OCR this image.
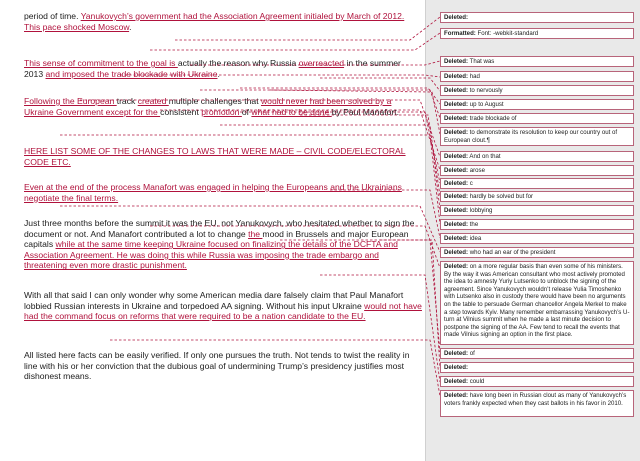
period of time. Yanukovych’s government had the Association Agreement initialed by March of 2012. This pace shocked Moscow.

This sense of commitment to the goal is actually the reason why Russia overreacted in the summer 2013 and imposed the trade blockade with Ukraine.

Following the European track created multiple challenges that would never had been solved by a Ukraine Government except for the consistent promotion of what had to be done by Paul Manafort.

HERE LIST SOME OF THE CHANGES TO LAWS THAT WERE MADE – CIVIL CODE/ELECTORAL CODE ETC.

Even at the end of the process Manafort was engaged in helping the Europeans and the Ukrainians negotiate the final terms.

Just three months before the summit it was the EU, not Yanukovych, who hesitated whether to sign the document or not. And Manafort contributed a lot to change the mood in Brussels and major European capitals while at the same time keeping Ukraine focused on finalizing the details of the DCFTA and Association Agreement. He was doing this while Russia was imposing the trade embargo and threatening even more drastic punishment.

With all that said I can only wonder why some American media dare falsely claim that Paul Manafort lobbied Russian interests in Ukraine and torpedoed AA signing. Without his input Ukraine would not have had the command focus on reforms that were required to be a nation candidate to the EU.

All listed here facts can be easily verified. If only one pursues the truth. Not tends to twist the reality in line with his or her conviction that the dubious goal of undermining Trump’s presidency justifies most dishonest means.

Deleted:
Formatted: Font: -webkit-standard
Deleted: That was
Deleted: had
Deleted: to nervously
Deleted: up to August
Deleted: trade blockade of
Deleted: to demonstrate its resolution to keep our country out of European clout.¶
Deleted: And on that
Deleted: arose
Deleted: c
Deleted: hardly be solved but for
Deleted: lobbying
Deleted: the
Deleted: idea
Deleted: who had an ear of the president
Deleted: on a more regular basis than even some of his ministers. By the way it was American consultant who most actively promoted the idea to amnesty Yuriy Lutsenko to unblock the signing of the agreement. Since Yanukovych wouldn’t release Yulia Timoshenko with Lutsenko also in custody there would have been no arguments on the table to persuade German chancellor Angela Merkel to make a step towards Kyiv. Many remember embarrassing Yanukovych’s U-turn at Vilnius summit when he made a last minute decision to postpone the signing of the AA. Few tend to recall the events that made Vilnius signing an option in the first place.
Deleted: of
Deleted:
Deleted: could
Deleted: have long been in Russian clout as many of Yanukovych’s voters frankly expected when they cast ballots in his favor in 2010.
